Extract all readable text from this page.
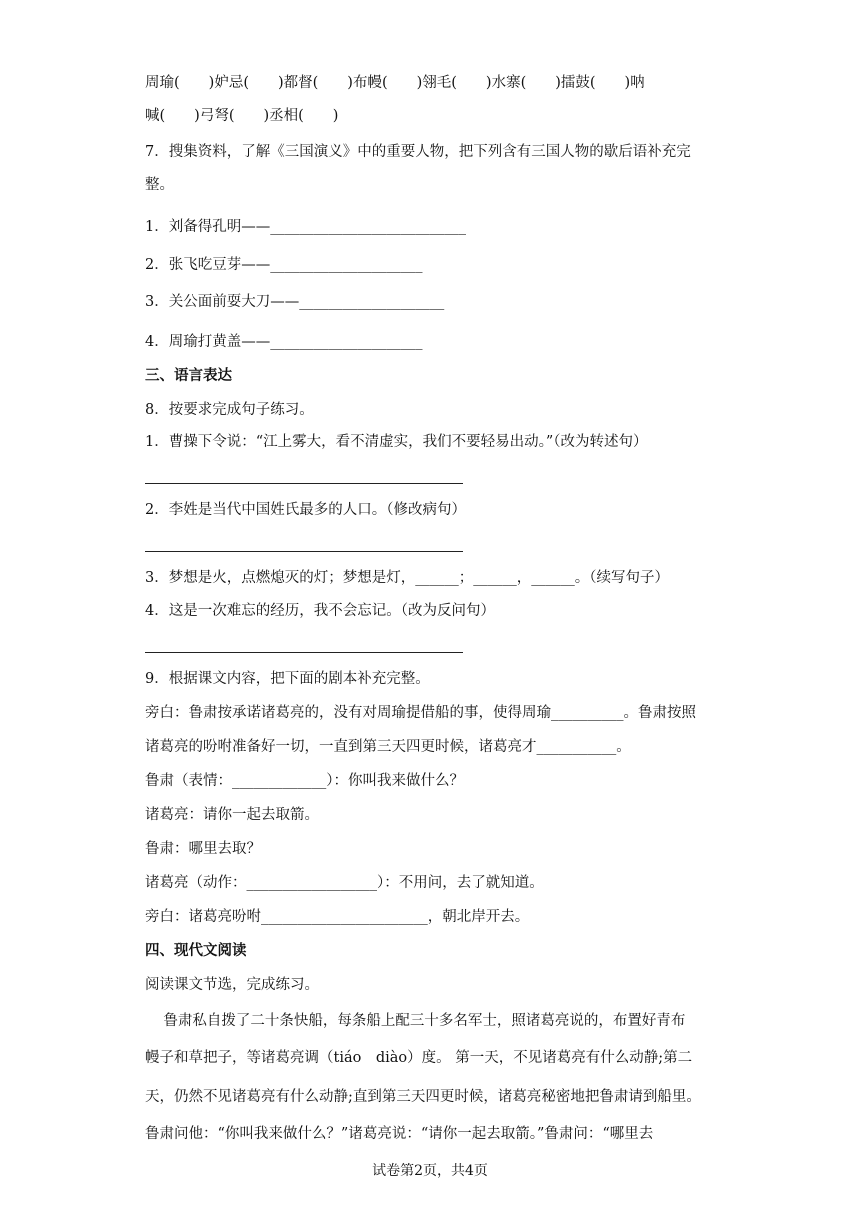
周瑜(　　)妒忌(　　)都督(　　)布幔(　　)翎毛(　　)水寨(　　)擂鼓(　　)呐
喊(　　)弓弩(　　)丞相(　　)
7．搜集资料，了解《三国演义》中的重要人物，把下列含有三国人物的歇后语补充完
整。
1．刘备得孔明——___________________________
2．张飞吃豆芽——_____________________
3．关公面前耍大刀——____________________
4．周瑜打黄盖——_____________________
三、语言表达
8．按要求完成句子练习。
1．曹操下令说：“江上雾大，看不清虚实，我们不要轻易出动。”（改为转述句）
2．李姓是当代中国姓氏最多的人口。（修改病句）
3．梦想是火，点燃熄灭的灯；梦想是灯，______；______，______。（续写句子）
4．这是一次难忘的经历，我不会忘记。（改为反问句）
9．根据课文内容，把下面的剧本补充完整。
旁白：鲁肃按承诺诸葛亮的，没有对周瑜提借船的事，使得周瑜__________。鲁肃按照
诸葛亮的吩咐准备好一切，一直到第三天四更时候，诸葛亮才___________。
鲁肃（表情：_____________）：你叫我来做什么？
诸葛亮：请你一起去取箭。
鲁肃：哪里去取？
诸葛亮（动作：__________________）：不用问，去了就知道。
旁白：诸葛亮吩咐_______________________，朝北岸开去。
四、现代文阅读
阅读课文节选，完成练习。
鲁肃私自拨了二十条快船，每条船上配三十多名军士，照诸葛亮说的，布置好青布
幔子和草把子，等诸葛亮调（tiáo　diào）度。 第一天，不见诸葛亮有什么动静;第二
天，仍然不见诸葛亮有什么动静;直到第三天四更时候，诸葛亮秘密地把鲁肃请到船里。
鲁肃问他：“你叫我来做什么？”诸葛亮说：“请你一起去取箭。”鲁肃问：“哪里去
试卷第2页，共4页
